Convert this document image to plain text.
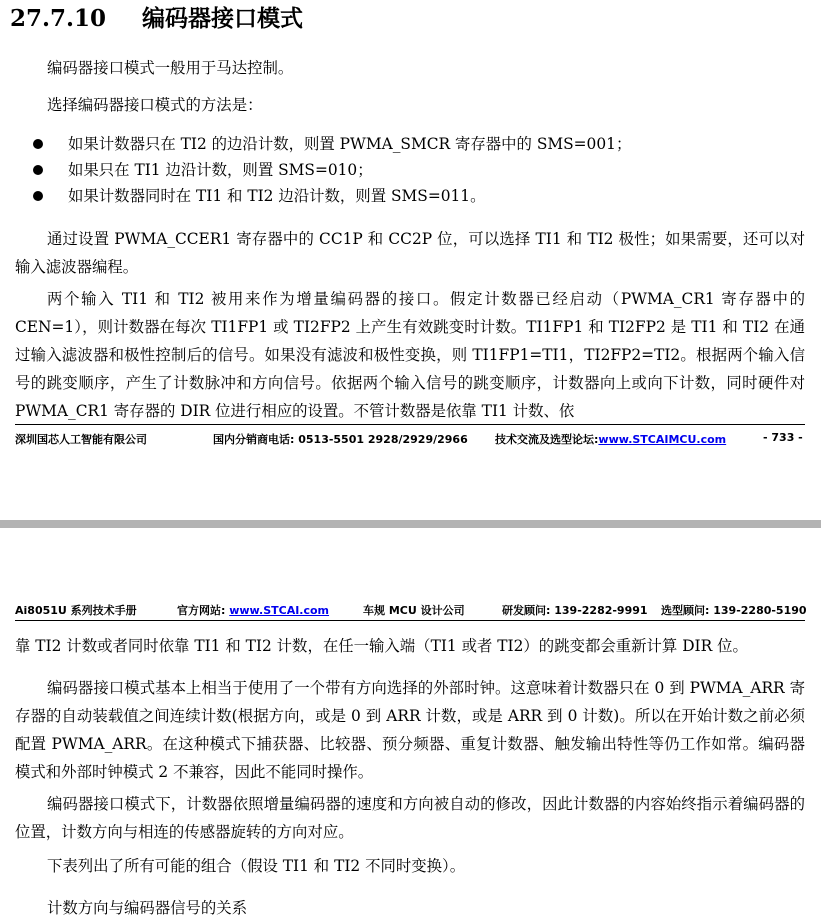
27.7.10 编码器接口模式

编码器接口模式一般用于马达控制。

选择编码器接口模式的方法是：

如果计数器只在 TI2 的边沿计数，则置 PWMA_SMCR 寄存器中的 SMS=001；
如果只在 TI1 边沿计数，则置 SMS=010；
如果计数器同时在 TI1 和 TI2 边沿计数，则置 SMS=011。

通过设置 PWMA_CCER1 寄存器中的 CC1P 和 CC2P 位，可以选择 TI1 和 TI2 极性；如果需要，还可以对输入滤波器编程。

两个输入 TI1 和 TI2 被用来作为增量编码器的接口。假定计数器已经启动（PWMA_CR1 寄存器中的 CEN=1），则计数器在每次 TI1FP1 或 TI2FP2 上产生有效跳变时计数。TI1FP1 和 TI2FP2 是 TI1 和 TI2 在通过输入滤波器和极性控制后的信号。如果没有滤波和极性变换，则 TI1FP1=TI1，TI2FP2=TI2。根据两个输入信号的跳变顺序，产生了计数脉冲和方向信号。依据两个输入信号的跳变顺序，计数器向上或向下计数，同时硬件对 PWMA_CR1 寄存器的 DIR 位进行相应的设置。不管计数器是依靠 TI1 计数、依

深圳国芯人工智能有限公司	国内分销商电话: 0513-5501 2928/2929/2966 技术交流及选型论坛:www.STCAIMCU.com	- 733 -
Ai8051U 系列技术手册	官方网站: www.STCAI.com	车规 MCU 设计公司	研发顾问: 139-2282-9991 选型顾问: 139-2280-5190

靠 TI2 计数或者同时依靠 TI1 和 TI2 计数，在任一输入端（TI1 或者 TI2）的跳变都会重新计算 DIR 位。

编码器接口模式基本上相当于使用了一个带有方向选择的外部时钟。这意味着计数器只在 0 到 PWMA_ARR 寄存器的自动装载值之间连续计数(根据方向，或是 0 到 ARR 计数，或是 ARR 到 0 计数)。所以在开始计数之前必须配置 PWMA_ARR。在这种模式下捕获器、比较器、预分频器、重复计数器、触发输出特性等仍工作如常。编码器模式和外部时钟模式 2 不兼容，因此不能同时操作。

编码器接口模式下，计数器依照增量编码器的速度和方向被自动的修改，因此计数器的内容始终指示着编码器的位置，计数方向与相连的传感器旋转的方向对应。

下表列出了所有可能的组合（假设 TI1 和 TI2 不同时变换）。

计数方向与编码器信号的关系
